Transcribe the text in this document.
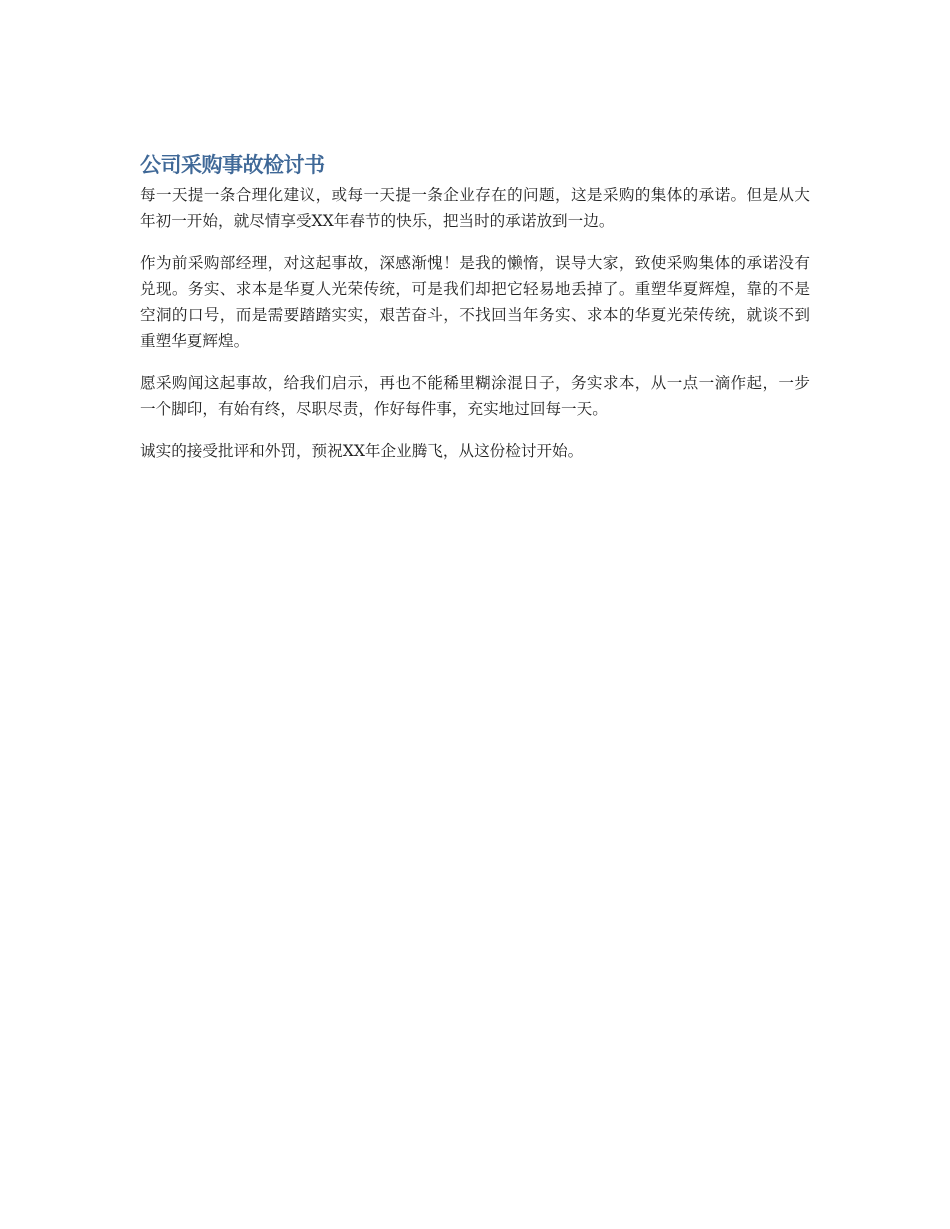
公司采购事故检讨书

每一天提一条合理化建议，或每一天提一条企业存在的问题，这是采购的集体的承诺。但是从大年初一开始，就尽情享受XX年春节的快乐，把当时的承诺放到一边。

作为前采购部经理，对这起事故，深感渐愧！是我的懒惰，误导大家，致使采购集体的承诺没有兑现。务实、求本是华夏人光荣传统，可是我们却把它轻易地丢掉了。重塑华夏辉煌，靠的不是空洞的口号，而是需要踏踏实实，艰苦奋斗，不找回当年务实、求本的华夏光荣传统，就谈不到重塑华夏辉煌。

愿采购闻这起事故，给我们启示，再也不能稀里糊涂混日子，务实求本，从一点一滴作起，一步一个脚印，有始有终，尽职尽责，作好每件事，充实地过回每一天。

诚实的接受批评和外罚，预祝XX年企业腾飞，从这份检讨开始。
